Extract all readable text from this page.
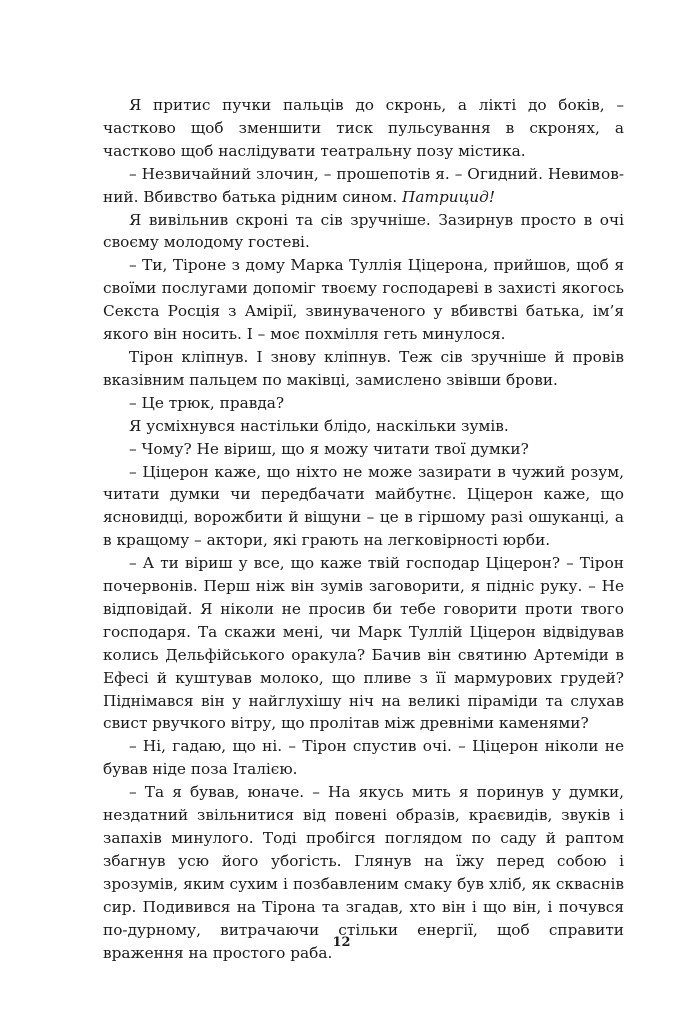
Я притис пучки пальців до скронь, а лікті до боків, – частково щоб зменшити тиск пульсування в скронях, а частково щоб наслідувати театральну позу містика.

– Незвичайний злочин, – прошепотів я. – Огидний. Невимовний. Вбивство батька рідним сином. Патрицид!

Я вивільнив скроні та сів зручніше. Зазирнув просто в очі своєму молодому гостеві.

– Ти, Тіроне з дому Марка Туллія Ціцерона, прийшов, щоб я своїми послугами допоміг твоєму господареві в захисті якогось Секста Росція з Амірії, звинуваченого у вбивстві батька, ім’я якого він носить. І – моє похмілля геть минулося.

Тірон кліпнув. І знову кліпнув. Теж сів зручніше й провів вказівним пальцем по маківці, замислено звівши брови.

– Це трюк, правда?

Я усміхнувся настільки блідо, наскільки зумів.

– Чому? Не віриш, що я можу читати твої думки?

– Ціцерон каже, що ніхто не може зазирати в чужий розум, читати думки чи передбачати майбутнє. Ціцерон каже, що ясновидці, ворожбити й віщуни – це в гіршому разі ошуканці, а в кращому – актори, які грають на легковірності юрби.

– А ти віриш у все, що каже твій господар Ціцерон? – Тірон почервонів. Перш ніж він зумів заговорити, я підніс руку. – Не відповідай. Я ніколи не просив би тебе говорити проти твого господаря. Та скажи мені, чи Марк Туллій Ціцерон відвідував колись Дельфійського оракула? Бачив він святиню Артеміди в Ефесі й куштував молоко, що пливе з її мармурових грудей? Піднімався він у найглухішу ніч на великі піраміди та слухав свист рвучкого вітру, що пролітав між древніми каменями?

– Ні, гадаю, що ні. – Тірон спустив очі. – Ціцерон ніколи не бував ніде поза Італією.

– Та я бував, юначе. – На якусь мить я поринув у думки, нездатний звільнитися від повені образів, краєвидів, звуків і запахів минулого. Тоді пробігся поглядом по саду й раптом збагнув усю його убогість. Глянув на їжу перед собою і зрозумів, яким сухим і позбавленим смаку був хліб, як скваснів сир. Подивився на Тірона та згадав, хто він і що він, і почувся по-дурному, витрачаючи стільки енергії, щоб справити враження на простого раба.

12
